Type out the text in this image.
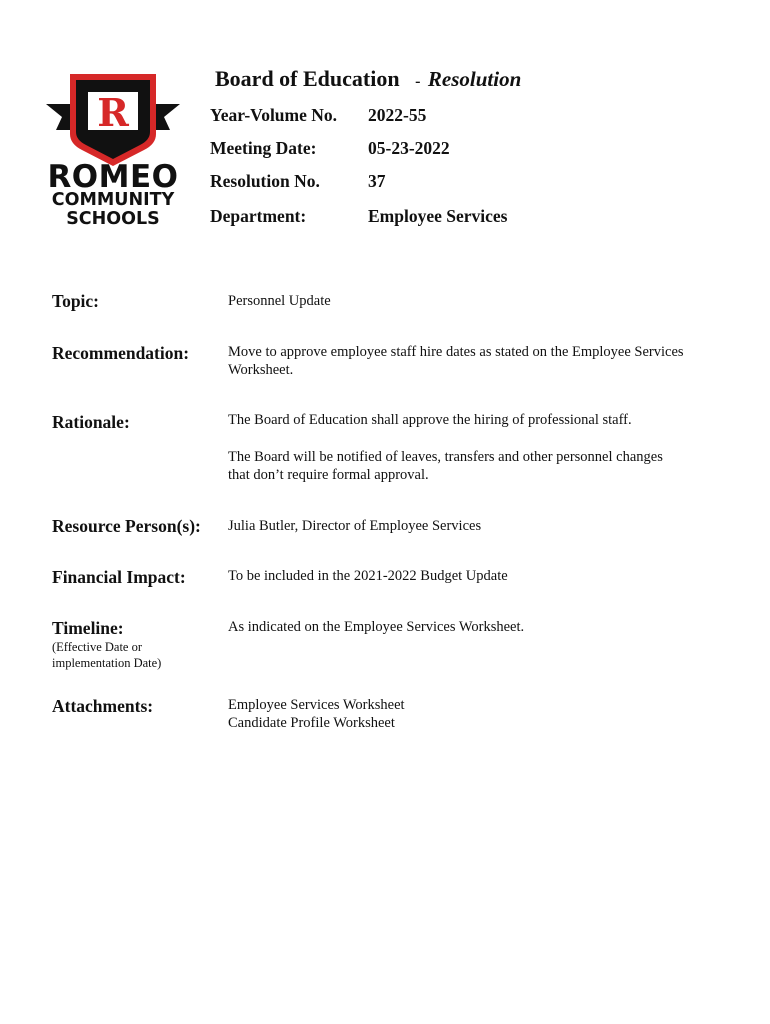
R
ROMEO
COMMUNITY
SCHOOLS
Board of Education - Resolution
Year-Volume No. 2022-55
Meeting Date:	05-23-2022
Resolution No.	37
Department:	Employee Services
Topic:	Personnel Update
Recommendation:	Move to approve employee staff hire dates as stated on the Employee Services Worksheet.
Rationale:	The Board of Education shall approve the hiring of professional staff.
The Board will be notified of leaves, transfers and other personnel changes that don’t require formal approval.
Resource Person(s): Julia Butler, Director of Employee Services
Financial Impact:	To be included in the 2021-2022 Budget Update
Timeline:
(Effective Date or
implementation Date)
As indicated on the Employee Services Worksheet.
Attachments:	Employee Services Worksheet
Candidate Profile Worksheet
